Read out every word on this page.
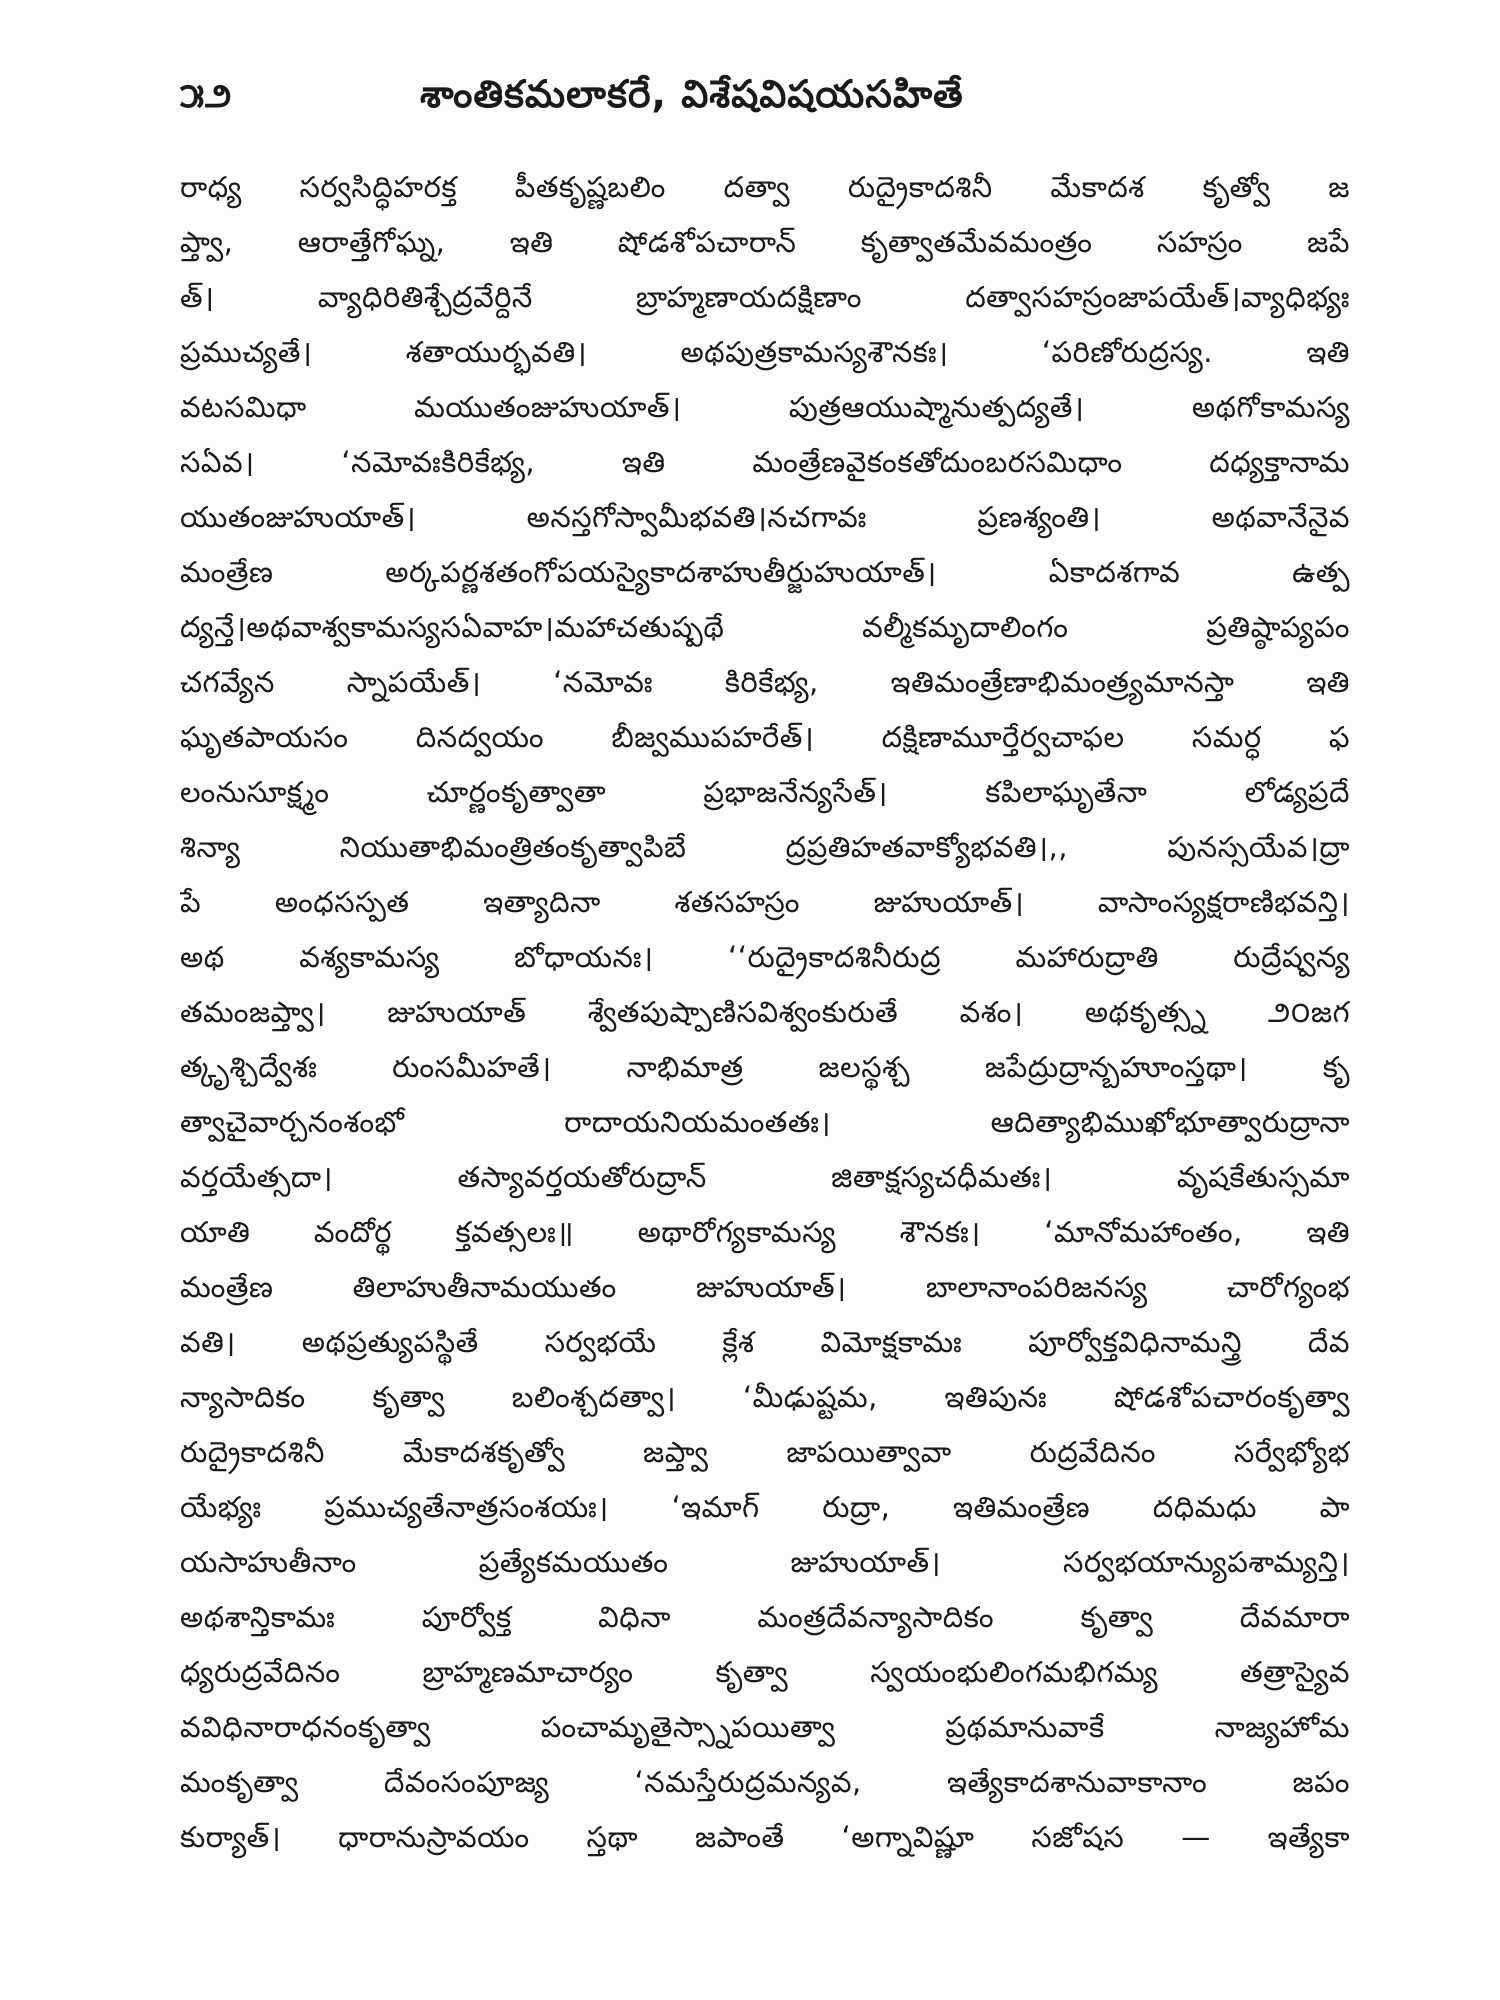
౫౨	శాంతికమలాకరే, విశేషవిషయసహితే
రాధ్య సర్వసిద్ధిహరక్త పీతకృష్ణబలిం దత్వా రుద్రైకాదశినీ మేకాదశ కృత్వో జ
ప్త్వా, ఆరాత్తేగోఘ్న, ఇతి షోడశోపచారాన్ కృత్వాతమేవమంత్రం సహస్రం జపే
త్। వ్యాధిరితిశ్చేద్రవేర్దినే బ్రాహ్మణాయదక్షిణాం దత్వాసహస్రంజాపయేత్।వ్యాధిభ్యః
ప్రముచ్యతే। శతాయుర్భవతి। అథపుత్రకామస్యశౌనకః। ‘పరిణోరుద్రస్య. ఇతి
వటసమిధా మయుతంజుహుయాత్। పుత్రఆయుష్మానుత్పద్యతే। అథగోకామస్య
సఏవ। ‘నమోవఃకిరికేభ్య, ఇతి మంత్రేణవైకంకతోదుంబరసమిధాం దధ్యక్తానామ
యుతంజుహుయాత్। అనస్తగోస్వామీభవతి।నచగావః ప్రణశ్యంతి। అథవానేనైవ
మంత్రేణ అర్కపర్ణశతంగోపయస్యైకాదశాహుతీర్జుహుయాత్। ఏకాదశగావ ఉత్ప
ద్యన్తే।అథవాశ్వకామస్యసఏవాహ।మహాచతుష్పథే వల్మీకమృదాలింగం ప్రతిష్ఠాప్యపం
చగవ్యేన స్నాపయేత్। ‘నమోవః కిరికేభ్య, ఇతిమంత్రేణాభిమంత్ర్యమానస్తా ఇతి
ఘృతపాయసం దినద్వయం బీజ్వముపహరేత్। దక్షిణామూర్తేర్వచాఫల సమర్ధ ఫ
లంనుసూక్ష్మం చూర్ణంకృత్వాతా ప్రభాజనేన్యసేత్। కపిలాఘృతేనా లోడ్యప్రదే
శిన్యా నియుతాభిమంత్రితంకృత్వాపిబే ద్రప్రతిహతవాక్యోభవతి।,, పునస్సయేవ।ద్రా
పే అంధసస్పత ఇత్యాదినా శతసహస్రం జుహుయాత్। వాసాంస్యక్షరాణిభవన్తి।
అథ వశ్యకామస్య బోధాయనః। ‘‘రుద్రైకాదశినీరుద్ర మహారుద్రాతి రుద్రేష్వన్య
తమంజప్త్వా। జుహుయాత్ శ్వేతపుష్పాణిసవిశ్వంకురుతే వశం। అథకృత్స్న ౨౦జగ
త్కృశ్చిద్వేశః రుంసమీహతే। నాభిమాత్ర జలస్థశ్చ జపేద్రుద్రాన్బహూంస్తథా। కృ
త్వాచైవార్చనంశంభో రాదాయనియమంతతః। ఆదిత్యాభిముఖోభూత్వారుద్రానా
వర్తయేత్సదా। తస్యావర్తయతోరుద్రాన్ జితాక్షస్యచధీమతః। వృషకేతుస్సమా
యాతి వందోర్థ క్తవత్సలః॥ అథారోగ్యకామస్య శౌనకః। ‘మానోమహాంతం, ఇతి
మంత్రేణ తిలాహుతీనామయుతం జుహుయాత్। బాలానాంపరిజనస్య చారోగ్యంభ
వతి। అథప్రత్యుపస్థితే సర్వభయే క్లేశ విమోక్షకామః పూర్వోక్తవిధినామన్త్రి దేవ
న్యాసాదికం కృత్వా బలింశ్చదత్వా। ‘మీఢుష్టమ, ఇతిపునః షోడశోపచారంకృత్వా
రుద్రైకాదశినీ మేకాదశకృత్వో జప్త్వా జాపయిత్వావా రుద్రవేదినం సర్వేభ్యోభ
యేభ్యః ప్రముచ్యతేనాత్రసంశయః। ‘ఇమాగ్ రుద్రా, ఇతిమంత్రేణ దధిమధు పా
యసాహుతీనాం ప్రత్యేకమయుతం జుహుయాత్। సర్వభయాన్యుపశామ్యన్తి।
అథశాన్తికామః పూర్వోక్త విధినా మంత్రదేవన్యాసాదికం కృత్వా దేవమారా
ధ్యరుద్రవేదినం బ్రాహ్మణమాచార్యం కృత్వా స్వయంభులింగమభిగమ్య తత్రాస్యైవ
వవిధినారాధనంకృత్వా పంచామృతైస్స్నాపయిత్వా ప్రథమానువాకే నాజ్యహోమ
మంకృత్వా దేవంసంపూజ్య ‘నమస్తేరుద్రమన్యవ, ఇత్యేకాదశానువాకానాం జపం
కుర్యాత్। ధారానుస్రావయం స్తథా జపాంతే ‘అగ్నావిష్ణూ సజోషస — ఇత్యేకా
